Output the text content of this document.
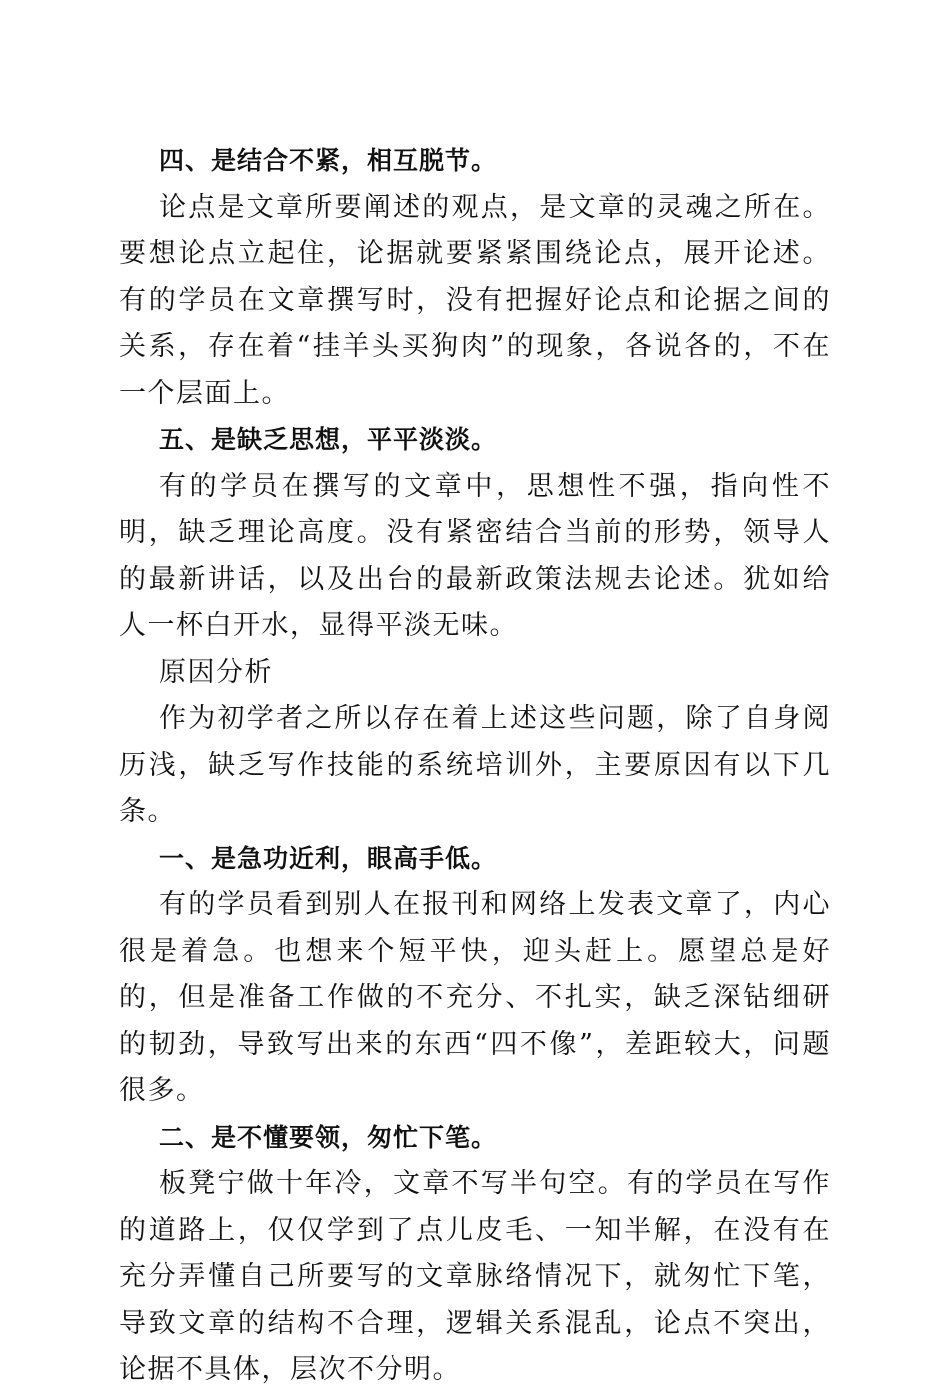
四、是结合不紧，相互脱节。

论点是文章所要阐述的观点，是文章的灵魂之所在。要想论点立起住，论据就要紧紧围绕论点，展开论述。有的学员在文章撰写时，没有把握好论点和论据之间的关系，存在着“挂羊头买狗肉”的现象，各说各的，不在一个层面上。

五、是缺乏思想，平平淡淡。

有的学员在撰写的文章中，思想性不强，指向性不明，缺乏理论高度。没有紧密结合当前的形势，领导人的最新讲话，以及出台的最新政策法规去论述。犹如给人一杯白开水，显得平淡无味。

原因分析

作为初学者之所以存在着上述这些问题，除了自身阅历浅，缺乏写作技能的系统培训外，主要原因有以下几条。

一、是急功近利，眼高手低。

有的学员看到别人在报刊和网络上发表文章了，内心很是着急。也想来个短平快，迎头赶上。愿望总是好的，但是准备工作做的不充分、不扎实，缺乏深钻细研的韧劲，导致写出来的东西“四不像”，差距较大，问题很多。

二、是不懂要领，匆忙下笔。

板凳宁做十年冷，文章不写半句空。有的学员在写作的道路上，仅仅学到了点儿皮毛、一知半解，在没有在充分弄懂自己所要写的文章脉络情况下，就匆忙下笔，导致文章的结构不合理，逻辑关系混乱，论点不突出，论据不具体，层次不分明。
